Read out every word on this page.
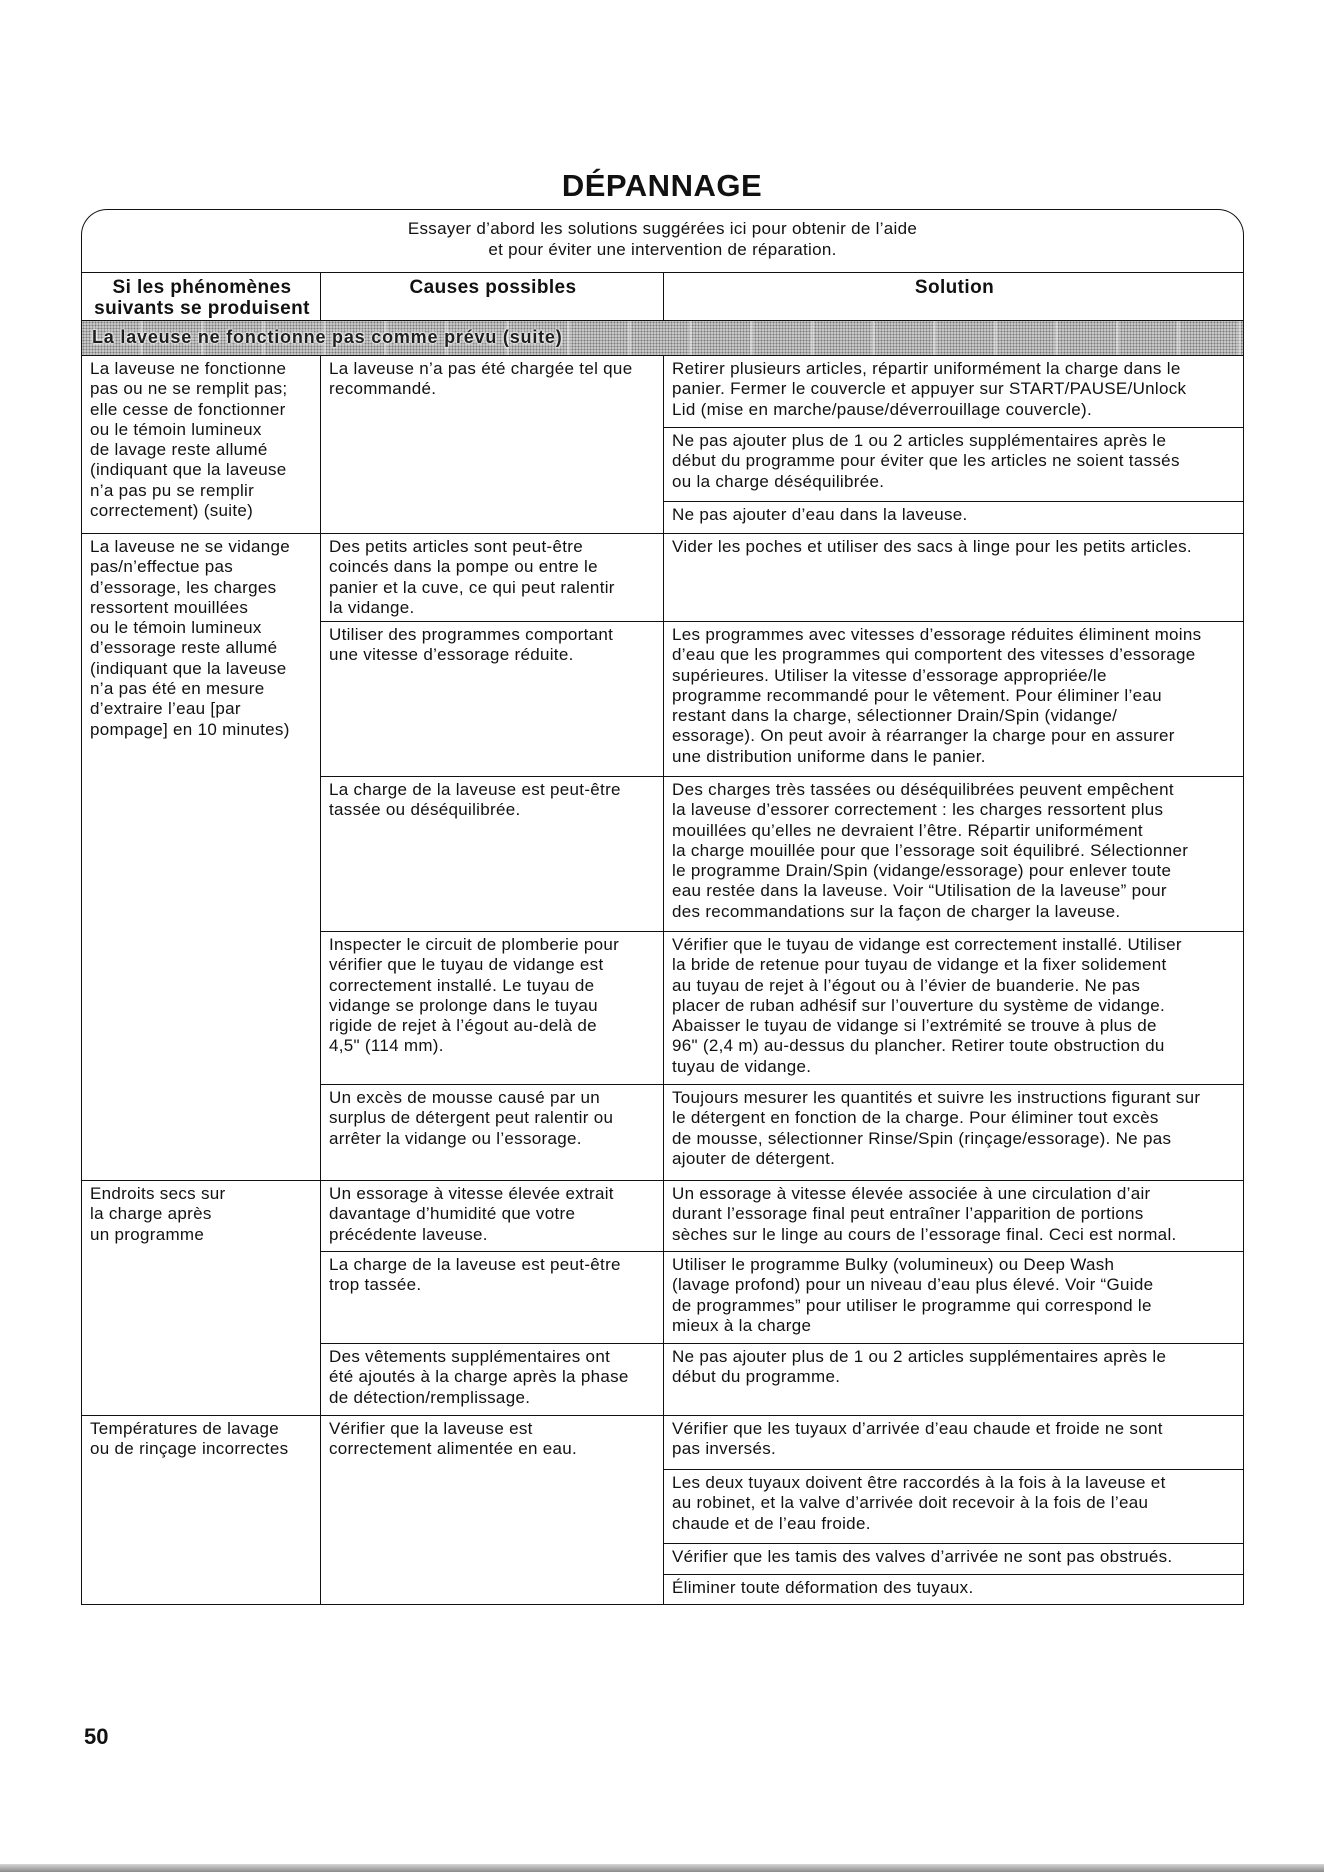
DÉPANNAGE
Essayer d’abord les solutions suggérées ici pour obtenir de l’aide
et pour éviter une intervention de réparation.
Si les phénomènes
suivants se produisent
Causes possibles	Solution
La laveuse ne fonctionne pas comme prévu (suite)
La laveuse ne fonctionne
pas ou ne se remplit pas;
elle cesse de fonctionner
ou le témoin lumineux
de lavage reste allumé
(indiquant que la laveuse
n’a pas pu se remplir
correctement) (suite)
La laveuse n’a pas été chargée tel que
recommandé.
Retirer plusieurs articles, répartir uniformément la charge dans le
panier. Fermer le couvercle et appuyer sur START/PAUSE/Unlock
Lid (mise en marche/pause/déverrouillage couvercle).
Ne pas ajouter plus de 1 ou 2 articles supplémentaires après le
début du programme pour éviter que les articles ne soient tassés
ou la charge déséquilibrée.
Ne pas ajouter d’eau dans la laveuse.
La laveuse ne se vidange
pas/n’effectue pas
d’essorage, les charges
ressortent mouillées
ou le témoin lumineux
d’essorage reste allumé
(indiquant que la laveuse
n’a pas été en mesure
d’extraire l’eau [par
pompage] en 10 minutes)
Des petits articles sont peut-être
coincés dans la pompe ou entre le
panier et la cuve, ce qui peut ralentir
la vidange.
Vider les poches et utiliser des sacs à linge pour les petits articles.
Utiliser des programmes comportant
une vitesse d’essorage réduite.
Les programmes avec vitesses d’essorage réduites éliminent moins
d’eau que les programmes qui comportent des vitesses d’essorage
supérieures. Utiliser la vitesse d’essorage appropriée/le
programme recommandé pour le vêtement. Pour éliminer l’eau
restant dans la charge, sélectionner Drain/Spin (vidange/
essorage). On peut avoir à réarranger la charge pour en assurer
une distribution uniforme dans le panier.
La charge de la laveuse est peut-être
tassée ou déséquilibrée.
Des charges très tassées ou déséquilibrées peuvent empêchent
la laveuse d’essorer correctement : les charges ressortent plus
mouillées qu’elles ne devraient l’être. Répartir uniformément
la charge mouillée pour que l’essorage soit équilibré. Sélectionner
le programme Drain/Spin (vidange/essorage) pour enlever toute
eau restée dans la laveuse. Voir “Utilisation de la laveuse” pour
des recommandations sur la façon de charger la laveuse.
Inspecter le circuit de plomberie pour
vérifier que le tuyau de vidange est
correctement installé. Le tuyau de
vidange se prolonge dans le tuyau
rigide de rejet à l’égout au-delà de
4,5" (114 mm).
Vérifier que le tuyau de vidange est correctement installé. Utiliser
la bride de retenue pour tuyau de vidange et la fixer solidement
au tuyau de rejet à l’égout ou à l’évier de buanderie. Ne pas
placer de ruban adhésif sur l’ouverture du système de vidange.
Abaisser le tuyau de vidange si l’extrémité se trouve à plus de
96" (2,4 m) au-dessus du plancher. Retirer toute obstruction du
tuyau de vidange.
Un excès de mousse causé par un
surplus de détergent peut ralentir ou
arrêter la vidange ou l’essorage.
Toujours mesurer les quantités et suivre les instructions figurant sur
le détergent en fonction de la charge. Pour éliminer tout excès
de mousse, sélectionner Rinse/Spin (rinçage/essorage). Ne pas
ajouter de détergent.
Endroits secs sur
la charge après
un programme
Un essorage à vitesse élevée extrait
davantage d’humidité que votre
précédente laveuse.
Un essorage à vitesse élevée associée à une circulation d’air
durant l’essorage final peut entraîner l’apparition de portions
sèches sur le linge au cours de l’essorage final. Ceci est normal.
La charge de la laveuse est peut-être
trop tassée.
Utiliser le programme Bulky (volumineux) ou Deep Wash
(lavage profond) pour un niveau d’eau plus élevé. Voir “Guide
de programmes” pour utiliser le programme qui correspond le
mieux à la charge
Des vêtements supplémentaires ont
été ajoutés à la charge après la phase
de détection/remplissage.
Ne pas ajouter plus de 1 ou 2 articles supplémentaires après le
début du programme.
Températures de lavage
ou de rinçage incorrectes
Vérifier que la laveuse est
correctement alimentée en eau.
Vérifier que les tuyaux d’arrivée d’eau chaude et froide ne sont
pas inversés.
Les deux tuyaux doivent être raccordés à la fois à la laveuse et
au robinet, et la valve d’arrivée doit recevoir à la fois de l’eau
chaude et de l’eau froide.
Vérifier que les tamis des valves d’arrivée ne sont pas obstrués.
Éliminer toute déformation des tuyaux.
50
